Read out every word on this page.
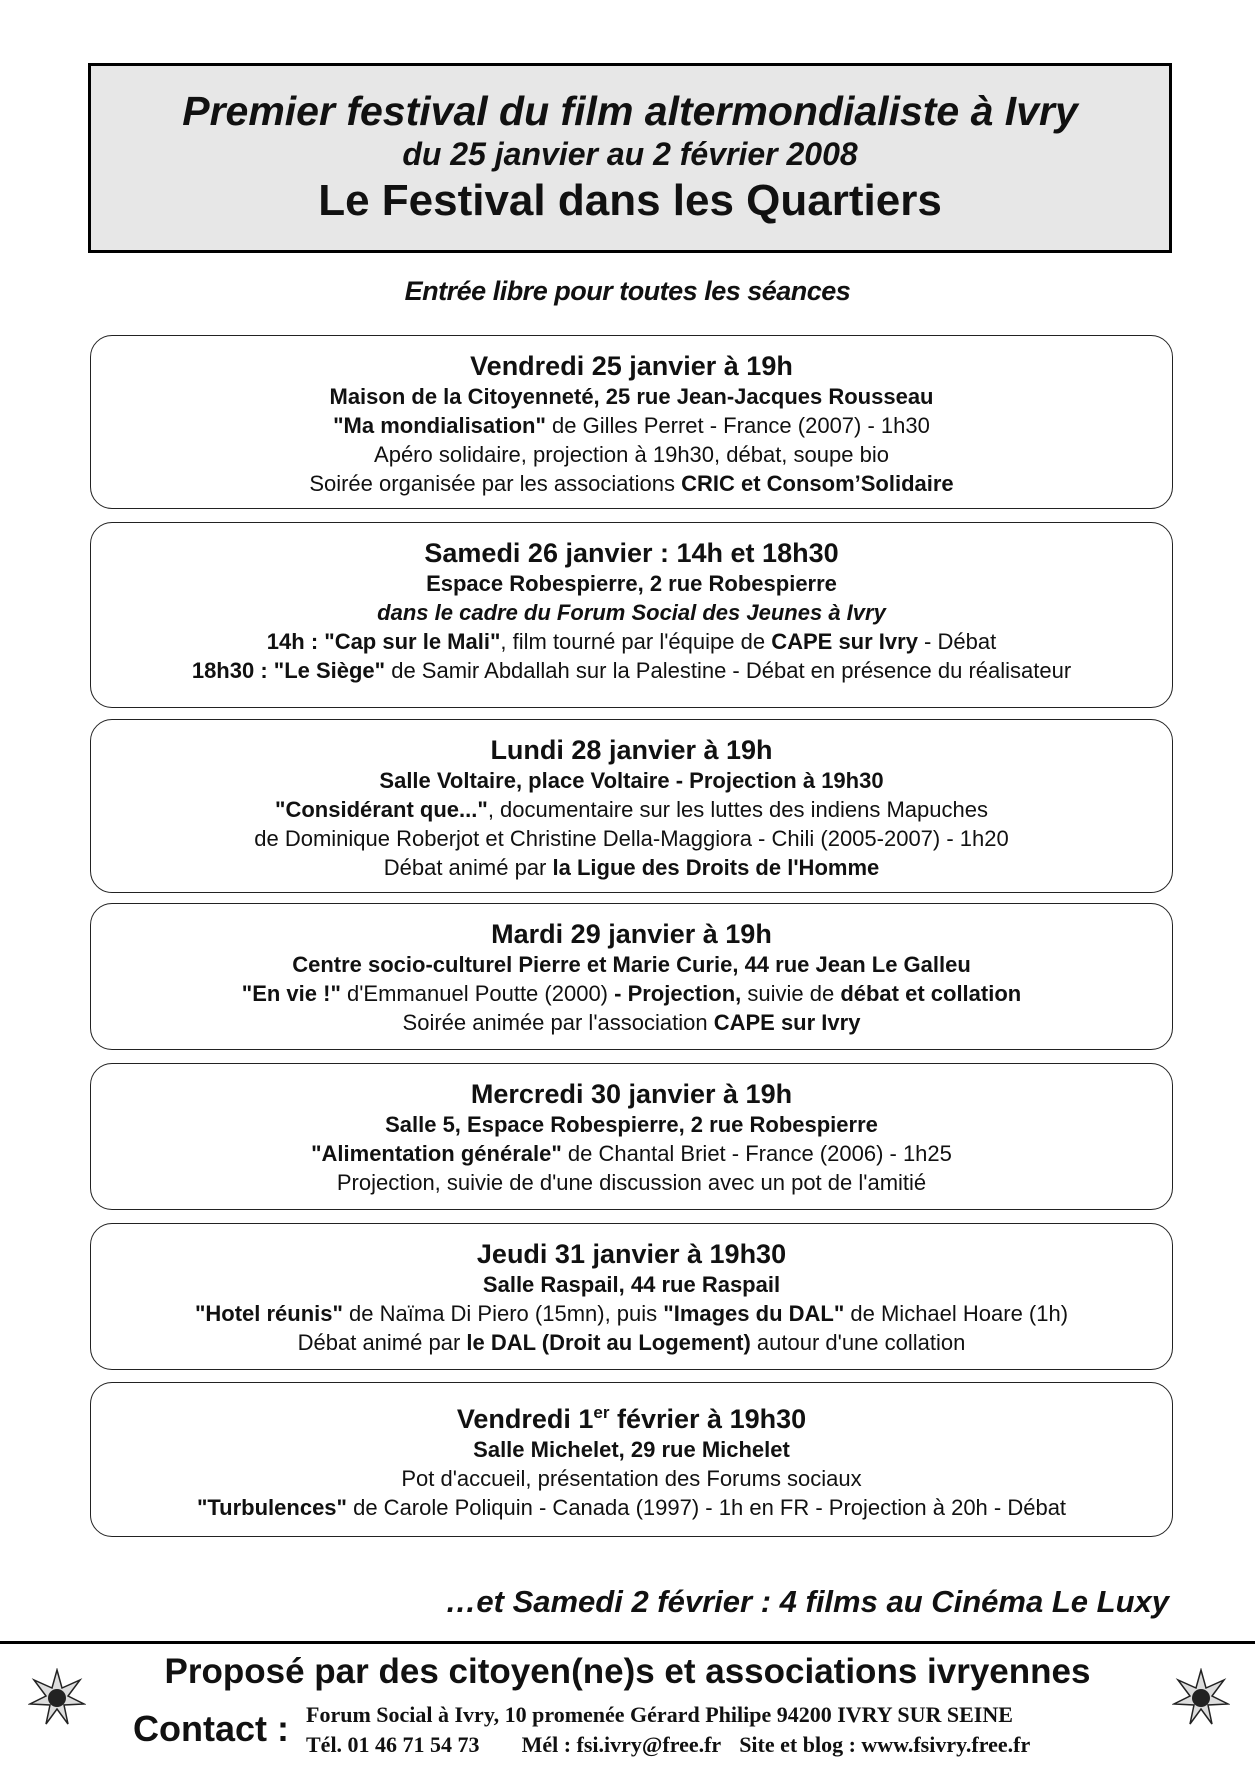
Premier festival du film altermondialiste à Ivry
du 25 janvier au 2 février 2008
Le Festival dans les Quartiers
Entrée libre pour toutes les séances
Vendredi 25 janvier à 19h
Maison de la Citoyenneté, 25 rue Jean-Jacques Rousseau
"Ma mondialisation" de Gilles Perret - France (2007) - 1h30
Apéro solidaire, projection à 19h30, débat, soupe bio
Soirée organisée par les associations CRIC et Consom’Solidaire
Samedi 26 janvier : 14h et 18h30
Espace Robespierre, 2 rue Robespierre
dans le cadre du Forum Social des Jeunes à Ivry
14h : "Cap sur le Mali", film tourné par l'équipe de CAPE sur Ivry - Débat
18h30 : "Le Siège" de Samir Abdallah sur la Palestine - Débat en présence du réalisateur
Lundi 28 janvier à 19h
Salle Voltaire, place Voltaire - Projection à 19h30
"Considérant que...", documentaire sur les luttes des indiens Mapuches
de Dominique Roberjot et Christine Della-Maggiora - Chili (2005-2007) - 1h20
Débat animé par la Ligue des Droits de l'Homme
Mardi 29 janvier à 19h
Centre socio-culturel Pierre et Marie Curie, 44 rue Jean Le Galleu
"En vie !" d'Emmanuel Poutte (2000) - Projection, suivie de débat et collation
Soirée animée par l'association CAPE sur Ivry
Mercredi 30 janvier à 19h
Salle 5, Espace Robespierre, 2 rue Robespierre
"Alimentation générale" de Chantal Briet - France (2006) - 1h25
Projection, suivie de d'une discussion avec un pot de l'amitié
Jeudi 31 janvier à 19h30
Salle Raspail, 44 rue Raspail
"Hotel réunis" de Naïma Di Piero (15mn), puis "Images du DAL" de Michael Hoare (1h)
Débat animé par le DAL (Droit au Logement) autour d'une collation
Vendredi 1er février à 19h30
Salle Michelet, 29 rue Michelet
Pot d'accueil, présentation des Forums sociaux
"Turbulences" de Carole Poliquin - Canada (1997) - 1h en FR - Projection à 20h - Débat
…et Samedi 2 février : 4 films au Cinéma Le Luxy
Proposé par des citoyen(ne)s et associations ivryennes
Contact : Forum Social à Ivry, 10 promenée Gérard Philipe 94200 IVRY SUR SEINE
Tél. 01 46 71 54 73 Mél : fsi.ivry@free.fr Site et blog : www.fsivry.free.fr
